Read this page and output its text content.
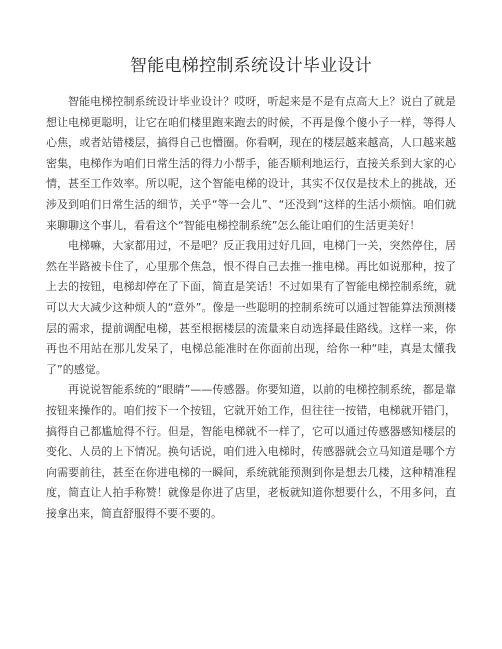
智能电梯控制系统设计毕业设计

智能电梯控制系统设计毕业设计？哎呀，听起来是不是有点高大上？说白了就是想让电梯更聪明，让它在咱们楼里跑来跑去的时候，不再是像个傻小子一样，等得人心焦，或者站错楼层，搞得自己也懵圈。你看啊，现在的楼层越来越高，人口越来越密集，电梯作为咱们日常生活的得力小帮手，能否顺利地运行，直接关系到大家的心情，甚至工作效率。所以呢，这个智能电梯的设计，其实不仅仅是技术上的挑战，还涉及到咱们日常生活的细节，关乎“等一会儿”、“还没到”这样的生活小烦恼。咱们就来聊聊这个事儿，看看这个“智能电梯控制系统”怎么能让咱们的生活更美好！

电梯嘛，大家都用过，不是吧？反正我用过好几回，电梯门一关，突然停住，居然在半路被卡住了，心里那个焦急，恨不得自己去推一推电梯。再比如说那种，按了上去的按钮，电梯却停在了下面，简直是笑话！不过如果有了智能电梯控制系统，就可以大大减少这种烦人的“意外”。像是一些聪明的控制系统可以通过智能算法预测楼层的需求，提前调配电梯，甚至根据楼层的流量来自动选择最佳路线。这样一来，你再也不用站在那儿发呆了，电梯总能准时在你面前出现，给你一种“哇，真是太懂我了”的感觉。

再说说智能系统的“眼睛”——传感器。你要知道，以前的电梯控制系统，都是靠按钮来操作的。咱们按下一个按钮，它就开始工作，但往往一按错，电梯就开错门，搞得自己都尴尬得不行。但是，智能电梯就不一样了，它可以通过传感器感知楼层的变化、人员的上下情况。换句话说，咱们进入电梯时，传感器就会立马知道是哪个方向需要前往，甚至在你进电梯的一瞬间，系统就能预测到你是想去几楼，这种精准程度，简直让人拍手称赞！就像是你进了店里，老板就知道你想要什么，不用多问，直接拿出来，简直舒服得不要不要的。
